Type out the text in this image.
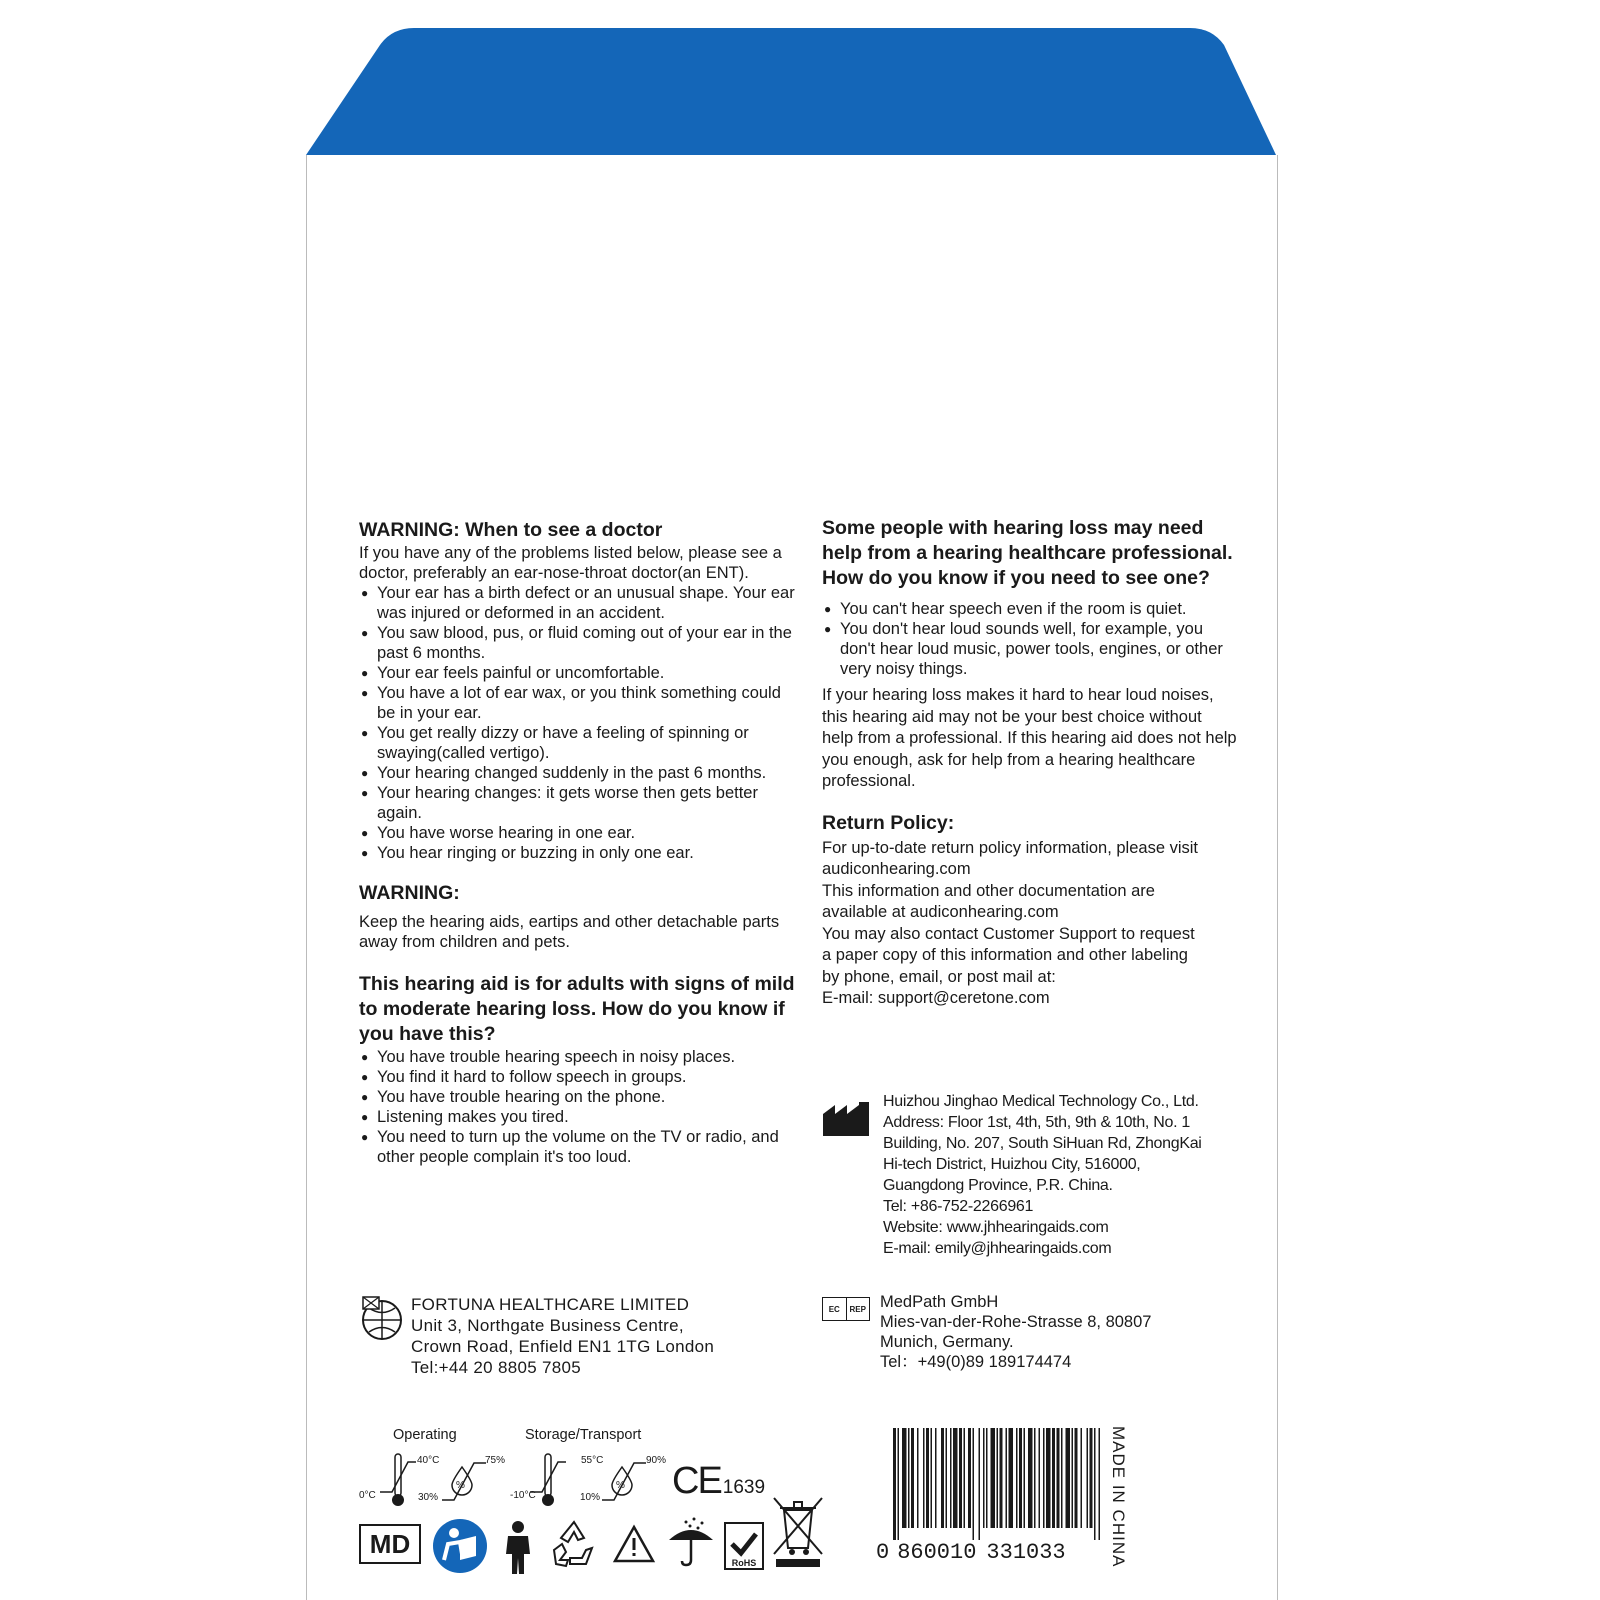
WARNING: When to see a doctor

If you have any of the problems listed below, please see a doctor, preferably an ear-nose-throat doctor(an ENT).

● Your ear has a birth defect or an unusual shape. Your ear was injured or deformed in an accident.
● You saw blood, pus, or fluid coming out of your ear in the past 6 months.
● Your ear feels painful or uncomfortable.
● You have a lot of ear wax, or you think something could be in your ear.
● You get really dizzy or have a feeling of spinning or swaying(called vertigo).
● Your hearing changed suddenly in the past 6 months.
● Your hearing changes: it gets worse then gets better again.
● You have worse hearing in one ear.
● You hear ringing or buzzing in only one ear.
WARNING:

Keep the hearing aids, eartips and other detachable parts away from children and pets.

This hearing aid is for adults with signs of mild to moderate hearing loss. How do you know if you have this?
● You have trouble hearing speech in noisy places.
● You find it hard to follow speech in groups.
● You have trouble hearing on the phone.
● Listening makes you tired.
● You need to turn up the volume on the TV or radio, and other people complain it's too loud.
Some people with hearing loss may need help from a hearing healthcare professional. How do you know if you need to see one?
● You can't hear speech even if the room is quiet.
● You don't hear loud sounds well, for example, you don't hear loud music, power tools, engines, or other very noisy things.

If your hearing loss makes it hard to hear loud noises, this hearing aid may not be your best choice without help from a professional. If this hearing aid does not help you enough, ask for help from a hearing healthcare professional.

Return Policy:
For up-to-date return policy information, please visit
audiconhearing.com
This information and other documentation are
available at audiconhearing.com
You may also contact Customer Support to request
a paper copy of this information and other labeling
by phone, email, or post mail at:
E-mail: support@ceretone.com
Huizhou Jinghao Medical Technology Co., Ltd.
Address: Floor 1st, 4th, 5th, 9th & 10th, No. 1
Building, No. 207, South SiHuan Rd, ZhongKai
Hi-tech District, Huizhou City, 516000,
Guangdong Province, P.R. China.
Tel: +86-752-2266961
Website: www.jhhearingaids.com
E-mail: emily@jhhearingaids.com
FORTUNA HEALTHCARE LIMITED
Unit 3, Northgate Business Centre,
Crown Road, Enfield EN1 1TG London
Tel:+44 20 8805 7805
EC	REP MedPath GmbH
Mies-van-der-Rohe-Strasse 8, 80807
Munich, Germany.
Tel：+49(0)89 189174474
Operating	Storage/Transport
40°C
0°C
%
75%
30%
55°C
-10°C
%
90%
10% CE 1639
MD
RoHS	0 860010 331033	MADE IN CHINA
